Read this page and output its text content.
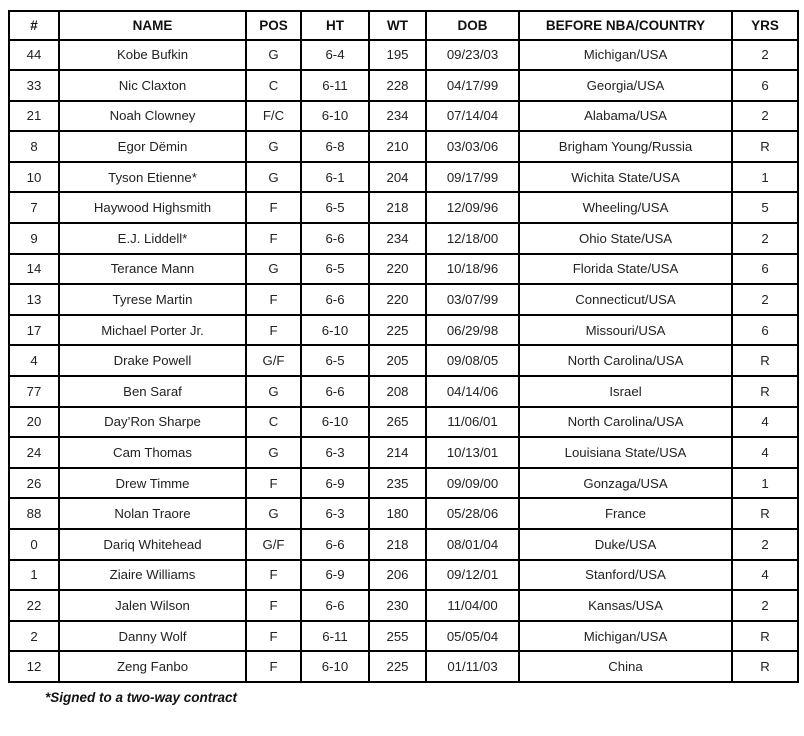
#	NAME	POS	HT	WT	DOB	BEFORE NBA/COUNTRY	YRS
44	Kobe Bufkin	G	6-4	195	09/23/03	Michigan/USA	2
33	Nic Claxton	C	6-11	228	04/17/99	Georgia/USA	6
21	Noah Clowney	F/C	6-10	234	07/14/04	Alabama/USA	2
8	Egor Dëmin	G	6-8	210	03/03/06	Brigham Young/Russia	R
10	Tyson Etienne*	G	6-1	204	09/17/99	Wichita State/USA	1
7	Haywood Highsmith	F	6-5	218	12/09/96	Wheeling/USA	5
9	E.J. Liddell*	F	6-6	234	12/18/00	Ohio State/USA	2
14	Terance Mann	G	6-5	220	10/18/96	Florida State/USA	6
13	Tyrese Martin	F	6-6	220	03/07/99	Connecticut/USA	2
17	Michael Porter Jr.	F	6-10	225	06/29/98	Missouri/USA	6
4	Drake Powell	G/F	6-5	205	09/08/05	North Carolina/USA	R
77	Ben Saraf	G	6-6	208	04/14/06	Israel	R
20	Day’Ron Sharpe	C	6-10	265	11/06/01	North Carolina/USA	4
24	Cam Thomas	G	6-3	214	10/13/01	Louisiana State/USA	4
26	Drew Timme	F	6-9	235	09/09/00	Gonzaga/USA	1
88	Nolan Traore	G	6-3	180	05/28/06	France	R
0	Dariq Whitehead	G/F	6-6	218	08/01/04	Duke/USA	2
1	Ziaire Williams	F	6-9	206	09/12/01	Stanford/USA	4
22	Jalen Wilson	F	6-6	230	11/04/00	Kansas/USA	2
2	Danny Wolf	F	6-11	255	05/05/04	Michigan/USA	R
12	Zeng Fanbo	F	6-10	225	01/11/03	China	R
*Signed to a two-way contract
